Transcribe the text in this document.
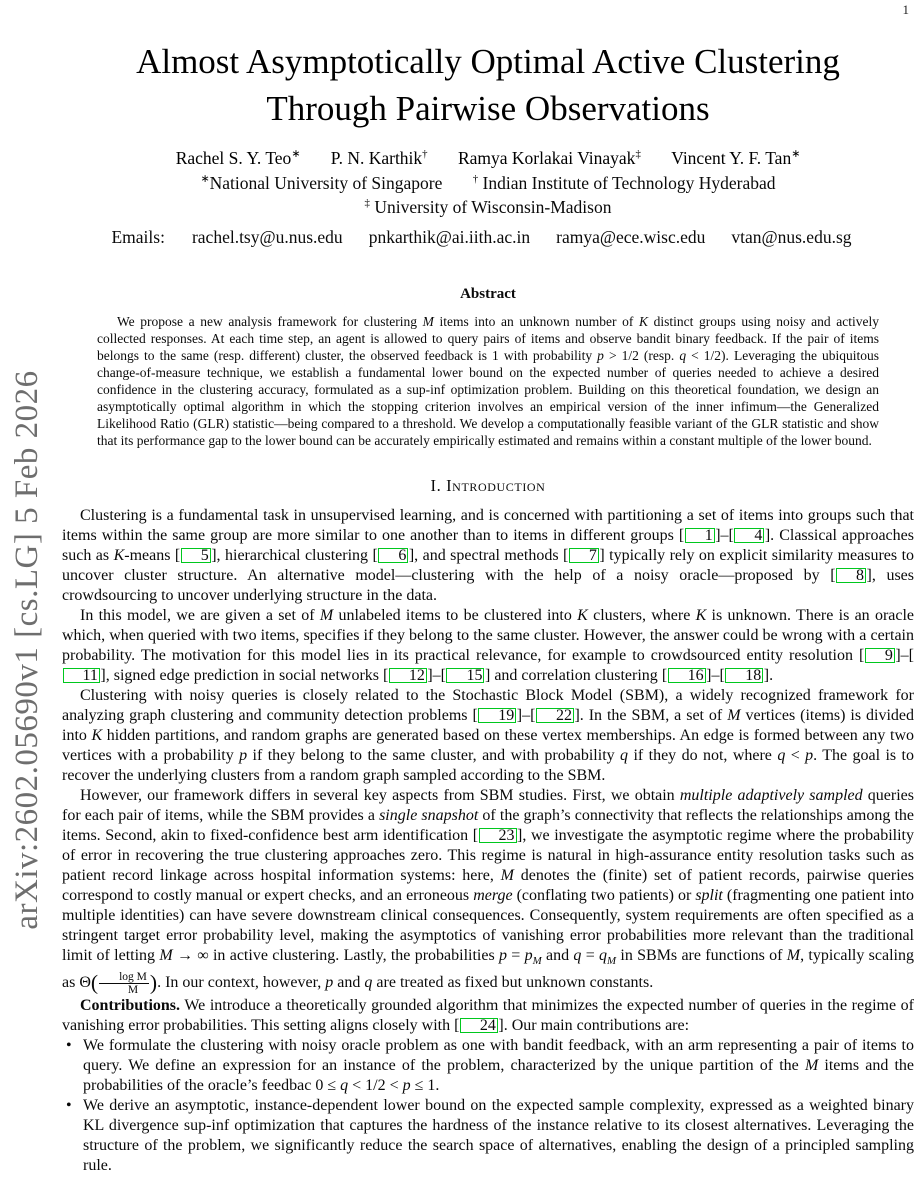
1
arXiv:2602.05690v1 [cs.LG] 5 Feb 2026
Almost Asymptotically Optimal Active Clustering
Through Pairwise Observations
Rachel S. Y. Teo∗ P. N. Karthik† Ramya Korlakai Vinayak‡ Vincent Y. F. Tan∗
∗National University of Singapore	† Indian Institute of Technology Hyderabad
‡ University of Wisconsin-Madison
Emails: rachel.tsy@u.nus.edu pnkarthik@ai.iith.ac.in ramya@ece.wisc.edu vtan@nus.edu.sg
Abstract

We propose a new analysis framework for clustering M items into an unknown number of K distinct groups using noisy and actively collected responses. At each time step, an agent is allowed to query pairs of items and observe bandit binary feedback. If the pair of items belongs to the same (resp. different) cluster, the observed feedback is 1 with probability p > 1/2 (resp. q < 1/2). Leveraging the ubiquitous change-of-measure technique, we establish a fundamental lower bound on the expected number of queries needed to achieve a desired confidence in the clustering accuracy, formulated as a sup-inf optimization problem. Building on this theoretical foundation, we design an asymptotically optimal algorithm in which the stopping criterion involves an empirical version of the inner infimum—the Generalized Likelihood Ratio (GLR) statistic—being compared to a threshold. We develop a computationally feasible variant of the GLR statistic and show that its performance gap to the lower bound can be accurately empirically estimated and remains within a constant multiple of the lower bound.

I. Introduction

Clustering is a fundamental task in unsupervised learning, and is concerned with partitioning a set of items into groups such that items within the same group are more similar to one another than to items in different groups [ 1 ]–[ 4 ]. Classical approaches such as K-means [ 5 ], hierarchical clustering [ 6 ], and spectral methods [ 7 ] typically rely on explicit similarity measures to uncover cluster structure. An alternative model—clustering with the help of a noisy oracle—proposed by [ 8 ], uses crowdsourcing to uncover underlying structure in the data.

In this model, we are given a set of M unlabeled items to be clustered into K clusters, where K is unknown. There is an oracle which, when queried with two items, specifies if they belong to the same cluster. However, the answer could be wrong with a certain probability. The motivation for this model lies in its practical relevance, for example to crowdsourced entity resolution [ 9 ]–[11 ], signed edge prediction in social networks [ 12 ]–[ 15 ] and correlation clustering [ 16 ]–[ 18 ].

Clustering with noisy queries is closely related to the Stochastic Block Model (SBM), a widely recognized framework for analyzing graph clustering and community detection problems [ 19 ]–[ 22 ]. In the SBM, a set of M vertices (items) is divided into K hidden partitions, and random graphs are generated based on these vertex memberships. An edge is formed between any two vertices with a probability p if they belong to the same cluster, and with probability q if they do not, where q < p. The goal is to recover the underlying clusters from a random graph sampled according to the SBM.

However, our framework differs in several key aspects from SBM studies. First, we obtain multiple adaptively sampled queries for each pair of items, while the SBM provides a single snapshot of the graph’s connectivity that reflects the relationships among the items. Second, akin to fixed-confidence best arm identification [ 23 ], we investigate the asymptotic regime where the probability of error in recovering the true clustering approaches zero. This regime is natural in high-assurance entity resolution tasks such as patient record linkage across hospital information systems: here, M denotes the (finite) set of patient records, pairwise queries correspond to costly manual or expert checks, and an erroneous merge (conflating two patients) or split (fragmenting one patient into multiple identities) can have severe downstream clinical consequences. Consequently, system requirements are often specified as a stringent target error probability level, making the asymptotics of vanishing error probabilities more relevant than the traditional limit of letting M → ∞ in active clustering. Lastly, the probabilities $p = p_M$ and $q = q_M$ in SBMs are functions of M, typically scaling as $\Theta( \frac{\text{log M}}{M}$ ). In our context, however, p and q are treated as fixed but unknown constants.

Contributions. We introduce a theoretically grounded algorithm that minimizes the expected number of queries in the regime of vanishing error probabilities. This setting aligns closely with [ 24 ]. Our main contributions are:

• We formulate the clustering with noisy oracle problem as one with bandit feedback, with an arm representing a pair of items to query. We define an expression for an instance of the problem, characterized by the unique partition of the M items and the probabilities of the oracle’s feedbac 0 ≤ q < 1/2 < p ≤ 1.
• We derive an asymptotic, instance-dependent lower bound on the expected sample complexity, expressed as a weighted binary KL divergence sup-inf optimization that captures the hardness of the instance relative to its closest alternatives. Leveraging the structure of the problem, we significantly reduce the search space of alternatives, enabling the design of a principled sampling rule.
